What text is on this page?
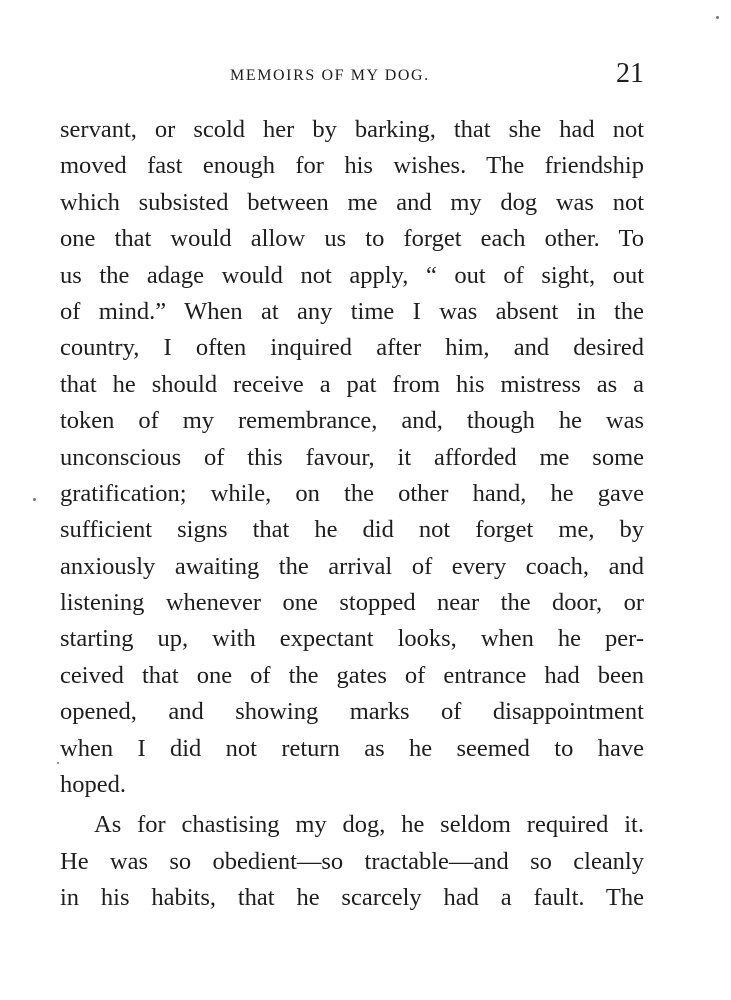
MEMOIRS OF MY DOG.	21
servant, or scold her by barking, that she had not
moved fast enough for his wishes. The friendship
which subsisted between me and my dog was not
one that would allow us to forget each other. To
us the adage would not apply, “ out of sight, out
of mind.” When at any time I was absent in the
country, I often inquired after him, and desired
that he should receive a pat from his mistress as a
token of my remembrance, and, though he was
unconscious of this favour, it afforded me some
gratification; while, on the other hand, he gave
sufficient signs that he did not forget me, by
anxiously awaiting the arrival of every coach, and
listening whenever one stopped near the door, or
starting up, with expectant looks, when he per-
ceived that one of the gates of entrance had been
opened, and showing marks of disappointment
when I did not return as he seemed to have
hoped.
As for chastising my dog, he seldom required it.
He was so obedient—so tractable—and so cleanly
in his habits, that he scarcely had a fault. The
